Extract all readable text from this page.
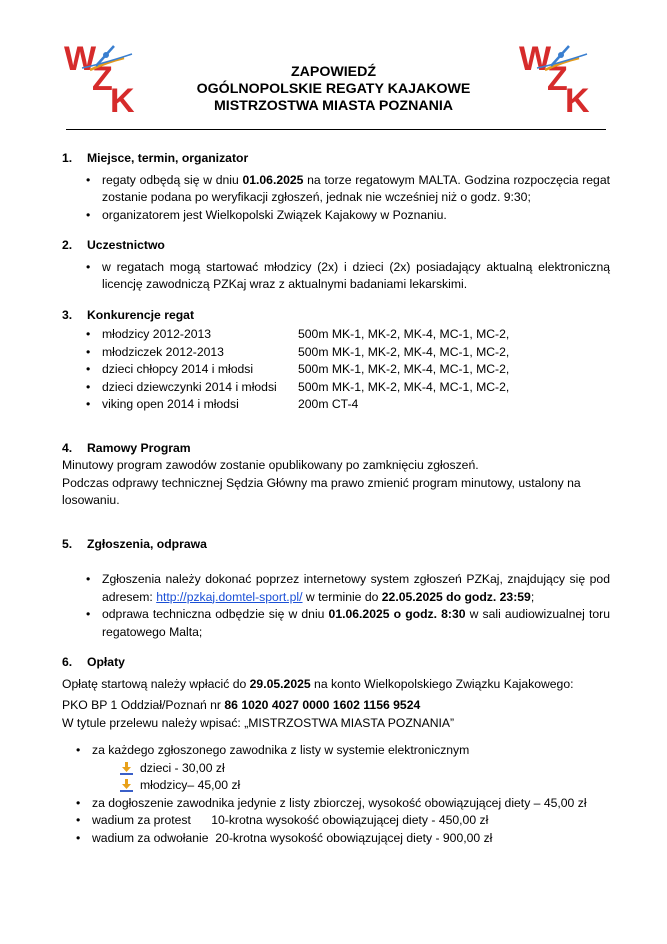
W
Z
K
W
Z
K
ZAPOWIEDŹ
OGÓLNOPOLSKIE REGATY KAJAKOWE
MISTRZOSTWA MIASTA POZNANIA
1.	Miejsce, termin, organizator
• regaty odbędą się w dniu 01.06.2025 na torze regatowym MALTA. Godzina rozpoczęcia regat zostanie podana po weryfikacji zgłoszeń, jednak nie wcześniej niż o godz. 9:30;
• organizatorem jest Wielkopolski Związek Kajakowy w Poznaniu.
2.	Uczestnictwo
• w regatach mogą startować młodzicy (2x) i dzieci (2x) posiadający aktualną elektroniczną licencję zawodniczą PZKaj wraz z aktualnymi badaniami lekarskimi.
3.	Konkurencje regat
• młodzicy 2012-2013	500m MK-1, MK-2, MK-4, MC-1, MC-2,
• młodziczek 2012-2013	500m MK-1, MK-2, MK-4, MC-1, MC-2,
• dzieci chłopcy 2014 i młodsi	500m MK-1, MK-2, MK-4, MC-1, MC-2,
• dzieci dziewczynki 2014 i młodsi	500m MK-1, MK-2, MK-4, MC-1, MC-2,
• viking open 2014 i młodsi	200m CT-4
4.	Ramowy Program

Minutowy program zawodów zostanie opublikowany po zamknięciu zgłoszeń.

Podczas odprawy technicznej Sędzia Główny ma prawo zmienić program minutowy, ustalony na losowaniu.

5.	Zgłoszenia, odprawa
• Zgłoszenia należy dokonać poprzez internetowy system zgłoszeń PZKaj, znajdujący się pod adresem: http://pzkaj.domtel-sport.pl/ w terminie do 22.05.2025 do godz. 23:59;
• odprawa techniczna odbędzie się w dniu 01.06.2025 o godz. 8:30 w sali audiowizualnej toru regatowego Malta;
6.	Opłaty

Opłatę startową należy wpłacić do 29.05.2025 na konto Wielkopolskiego Związku Kajakowego:

PKO BP 1 Oddział/Poznań nr 86 1020 4027 0000 1602 1156 9524

W tytule przelewu należy wpisać: „MISTRZOSTWA MIASTA POZNANIA”

• za każdego zgłoszonego zawodnika z listy w systemie elektronicznym
dzieci - 30,00 zł
młodzicy– 45,00 zł
• za dogłoszenie zawodnika jedynie z listy zbiorczej, wysokość obowiązującej diety – 45,00 zł
• wadium za protest      10-krotna wysokość obowiązującej diety - 450,00 zł
• wadium za odwołanie  20-krotna wysokość obowiązującej diety - 900,00 zł
